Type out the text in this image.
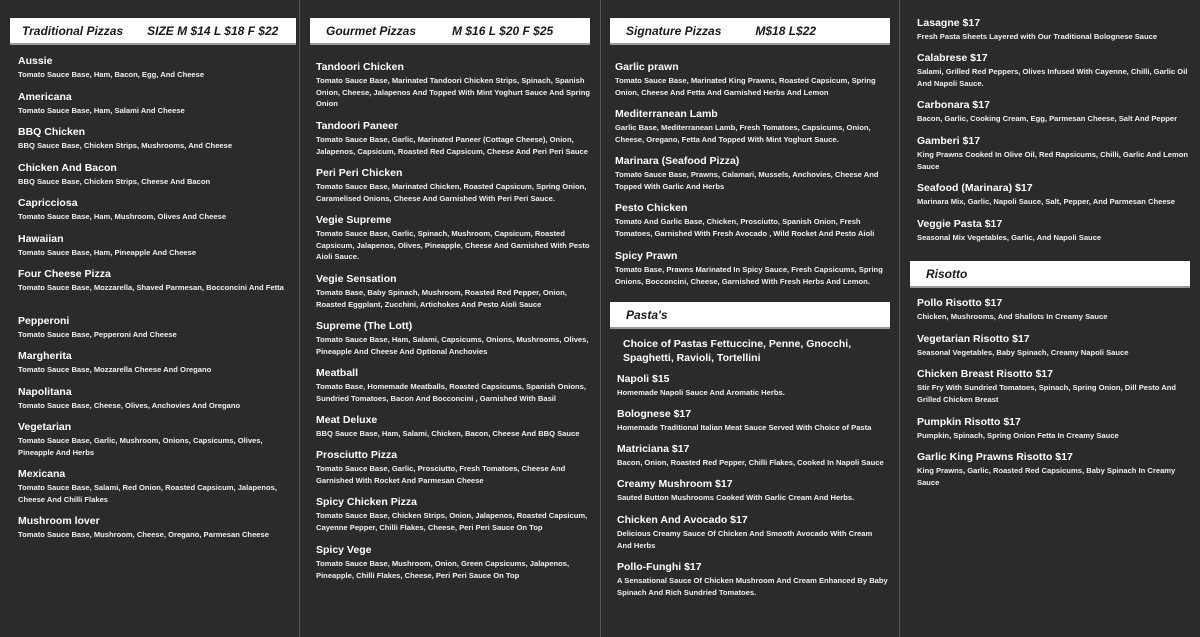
Traditional Pizzas SIZE M $14 L $18 F $22
Aussie
Tomato Sauce Base, Ham, Bacon, Egg, And Cheese
Americana
Tomato Sauce Base, Ham, Salami And Cheese
BBQ Chicken
BBQ Sauce Base, Chicken Strips, Mushrooms, And Cheese
Chicken And Bacon
BBQ Sauce Base, Chicken Strips, Cheese And Bacon
Capricciosa
Tomato Sauce Base, Ham, Mushroom, Olives And Cheese
Hawaiian
Tomato Sauce Base, Ham, Pineapple And Cheese
Four Cheese Pizza
Tomato Sauce Base, Mozzarella, Shaved Parmesan, Bocconcini And Fetta
Pepperoni
Tomato Sauce Base, Pepperoni And Cheese
Margherita
Tomato Sauce Base, Mozzarella Cheese And Oregano
Napolitana
Tomato Sauce Base, Cheese, Olives, Anchovies And Oregano
Vegetarian
Tomato Sauce Base, Garlic, Mushroom, Onions, Capsicums, Olives, Pineapple And Herbs
Mexicana
Tomato Sauce Base, Salami, Red Onion, Roasted Capsicum, Jalapenos, Cheese And Chilli Flakes
Mushroom lover
Tomato Sauce Base, Mushroom, Cheese, Oregano, Parmesan Cheese
Gourmet Pizzas	M $16 L $20 F $25
Tandoori Chicken
Tomato Sauce Base, Marinated Tandoori Chicken Strips, Spinach, Spanish Onion, Cheese, Jalapenos And Topped With Mint Yoghurt Sauce And Spring Onion
Tandoori Paneer
Tomato Sauce Base, Garlic, Marinated Paneer (Cottage Cheese), Onion, Jalapenos, Capsicum, Roasted Red Capsicum, Cheese And Peri Peri Sauce
Peri Peri Chicken
Tomato Sauce Base, Marinated Chicken, Roasted Capsicum, Spring Onion, Caramelised Onions, Cheese And Garnished With Peri Peri Sauce.
Vegie Supreme
Tomato Sauce Base, Garlic, Spinach, Mushroom, Capsicum, Roasted Capsicum, Jalapenos, Olives, Pineapple, Cheese And Garnished With Pesto Aioli Sauce.
Vegie Sensation
Tomato Base, Baby Spinach, Mushroom, Roasted Red Pepper, Onion, Roasted Eggplant, Zucchini, Artichokes And Pesto Aioli Sauce
Supreme (The Lott)
Tomato Sauce Base, Ham, Salami, Capsicums, Onions, Mushrooms, Olives, Pineapple And Cheese And Optional Anchovies
Meatball
Tomato Base, Homemade Meatballs, Roasted Capsicums, Spanish Onions, Sundried Tomatoes, Bacon And Bocconcini , Garnished With Basil
Meat Deluxe
BBQ Sauce Base, Ham, Salami, Chicken, Bacon, Cheese And BBQ Sauce
Prosciutto Pizza
Tomato Sauce Base, Garlic, Prosciutto, Fresh Tomatoes, Cheese And Garnished With Rocket And Parmesan Cheese
Spicy Chicken Pizza
Tomato Sauce Base, Chicken Strips, Onion, Jalapenos, Roasted Capsicum, Cayenne Pepper, Chilli Flakes, Cheese, Peri Peri Sauce On Top
Spicy Vege
Tomato Sauce Base, Mushroom, Onion, Green Capsicums, Jalapenos, Pineapple, Chilli Flakes, Cheese, Peri Peri Sauce On Top
Signature Pizzas	M$18 L$22
Garlic prawn
Tomato Sauce Base, Marinated King Prawns, Roasted Capsicum, Spring Onion, Cheese And Fetta And Garnished Herbs And Lemon
Mediterranean Lamb
Garlic Base, Mediterranean Lamb, Fresh Tomatoes, Capsicums, Onion, Cheese, Oregano, Fetta And Topped With Mint Yoghurt Sauce.
Marinara (Seafood Pizza)
Tomato Sauce Base, Prawns, Calamari, Mussels, Anchovies, Cheese And Topped With Garlic And Herbs
Pesto Chicken
Tomato And Garlic Base, Chicken, Prosciutto, Spanish Onion, Fresh Tomatoes, Garnished With Fresh Avocado , Wild Rocket And Pesto Aioli
Spicy Prawn
Tomato Base, Prawns Marinated In Spicy Sauce, Fresh Capsicums, Spring Onions, Bocconcini, Cheese, Garnished With Fresh Herbs And Lemon.
Pasta's
Choice of Pastas Fettuccine, Penne, Gnocchi, Spaghetti, Ravioli, Tortellini
Napoli $15
Homemade Napoli Sauce And Aromatic Herbs.
Bolognese $17
Homemade Traditional Italian Meat Sauce Served With Choice of Pasta
Matriciana $17
Bacon, Onion, Roasted Red Pepper, Chilli Flakes, Cooked In Napoli Sauce
Creamy Mushroom $17
Sauted Button Mushrooms Cooked With Garlic Cream And Herbs.
Chicken And Avocado $17
Delicious Creamy Sauce Of Chicken And Smooth Avocado With Cream And Herbs
Pollo-Funghi $17
A Sensational Sauce Of Chicken Mushroom And Cream Enhanced By Baby Spinach And Rich Sundried Tomatoes.
Lasagne $17
Fresh Pasta Sheets Layered with Our Traditional Bolognese Sauce
Calabrese $17
Salami, Grilled Red Peppers, Olives Infused With Cayenne, Chilli, Garlic Oil And Napoli Sauce.
Carbonara $17
Bacon, Garlic, Cooking Cream, Egg, Parmesan Cheese, Salt And Pepper
Gamberi $17
King Prawns Cooked In Olive Oil, Red Rapsicums, Chilli, Garlic And Lemon Sauce
Seafood (Marinara) $17
Marinara Mix, Garlic, Napoli Sauce, Salt, Pepper, And Parmesan Cheese
Veggie Pasta $17
Seasonal Mix Vegetables, Garlic, And Napoli Sauce
Risotto
Pollo Risotto $17
Chicken, Mushrooms, And Shallots In Creamy Sauce
Vegetarian Risotto $17
Seasonal Vegetables, Baby Spinach, Creamy Napoli Sauce
Chicken Breast Risotto $17
Stir Fry With Sundried Tomatoes, Spinach, Spring Onion, Dill Pesto And Grilled Chicken Breast
Pumpkin Risotto $17
Pumpkin, Spinach, Spring Onion Fetta In Creamy Sauce
Garlic King Prawns Risotto $17
King Prawns, Garlic, Roasted Red Capsicums, Baby Spinach In Creamy Sauce
